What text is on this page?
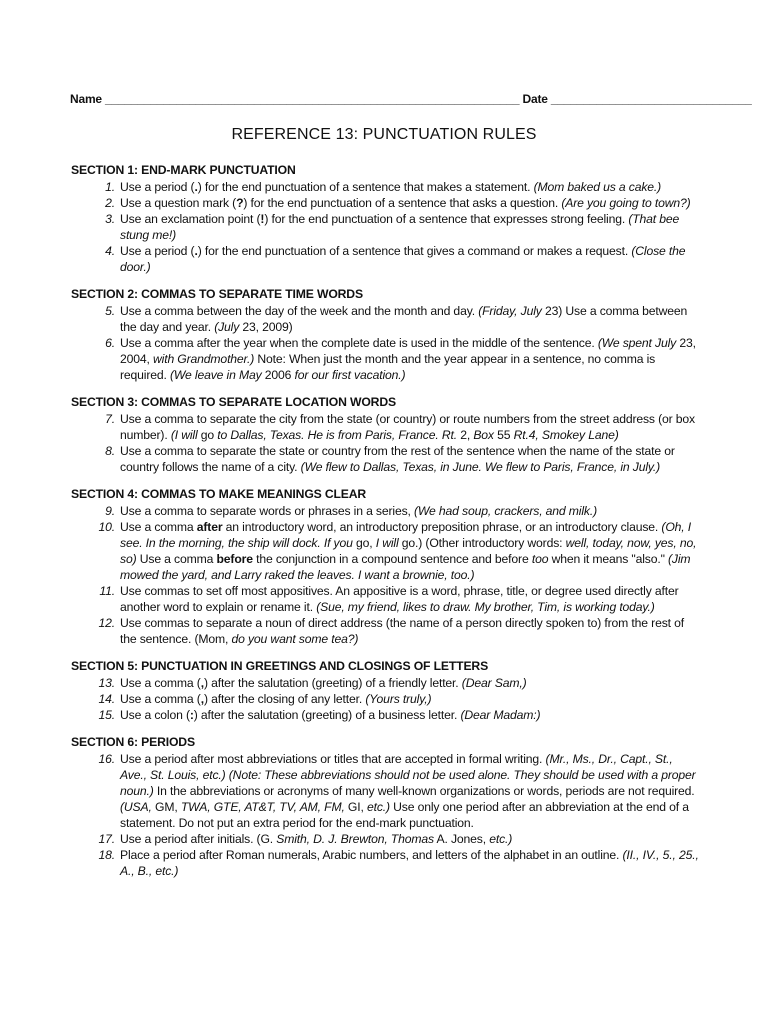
Name ________________________________________________________________ Date _______________________________
REFERENCE 13: PUNCTUATION RULES
SECTION 1: END-MARK PUNCTUATION
1. Use a period (.) for the end punctuation of a sentence that makes a statement. (Mom baked us a cake.)
2. Use a question mark (?) for the end punctuation of a sentence that asks a question. (Are you going to town?)
3. Use an exclamation point (!) for the end punctuation of a sentence that expresses strong feeling. (That bee stung me!)
4. Use a period (.) for the end punctuation of a sentence that gives a command or makes a request. (Close the door.)
SECTION 2: COMMAS TO SEPARATE TIME WORDS
5. Use a comma between the day of the week and the month and day. (Friday, July 23) Use a comma between the day and year. (July 23, 2009)
6. Use a comma after the year when the complete date is used in the middle of the sentence. (We spent July 23, 2004, with Grandmother.) Note: When just the month and the year appear in a sentence, no comma is required. (We leave in May 2006 for our first vacation.)
SECTION 3: COMMAS TO SEPARATE LOCATION WORDS
7. Use a comma to separate the city from the state (or country) or route numbers from the street address (or box number). (I will go to Dallas, Texas. He is from Paris, France. Rt. 2, Box 55 Rt.4, Smokey Lane)
8. Use a comma to separate the state or country from the rest of the sentence when the name of the state or country follows the name of a city. (We flew to Dallas, Texas, in June. We flew to Paris, France, in July.)
SECTION 4: COMMAS TO MAKE MEANINGS CLEAR
9. Use a comma to separate words or phrases in a series, (We had soup, crackers, and milk.)
10. Use a comma after an introductory word, an introductory preposition phrase, or an introductory clause. (Oh, I see. In the morning, the ship will dock. If you go, I will go.) (Other introductory words: well, today, now, yes, no, so) Use a comma before the conjunction in a compound sentence and before too when it means "also." (Jim mowed the yard, and Larry raked the leaves. I want a brownie, too.)
11. Use commas to set off most appositives. An appositive is a word, phrase, title, or degree used directly after another word to explain or rename it. (Sue, my friend, likes to draw. My brother, Tim, is working today.)
12. Use commas to separate a noun of direct address (the name of a person directly spoken to) from the rest of the sentence. (Mom, do you want some tea?)
SECTION 5: PUNCTUATION IN GREETINGS AND CLOSINGS OF LETTERS
13. Use a comma (,) after the salutation (greeting) of a friendly letter. (Dear Sam,)
14. Use a comma (,) after the closing of any letter. (Yours truly,)
15. Use a colon (:) after the salutation (greeting) of a business letter. (Dear Madam:)
SECTION 6: PERIODS
16. Use a period after most abbreviations or titles that are accepted in formal writing. (Mr., Ms., Dr., Capt., St., Ave., St. Louis, etc.) (Note: These abbreviations should not be used alone. They should be used with a proper noun.) In the abbreviations or acronyms of many well-known organizations or words, periods are not required. (USA, GM, TWA, GTE, AT&T, TV, AM, FM, GI, etc.) Use only one period after an abbreviation at the end of a statement. Do not put an extra period for the end-mark punctuation.
17. Use a period after initials. (G. Smith, D. J. Brewton, Thomas A. Jones, etc.)
18. Place a period after Roman numerals, Arabic numbers, and letters of the alphabet in an outline. (II., IV., 5., 25., A., B., etc.)
